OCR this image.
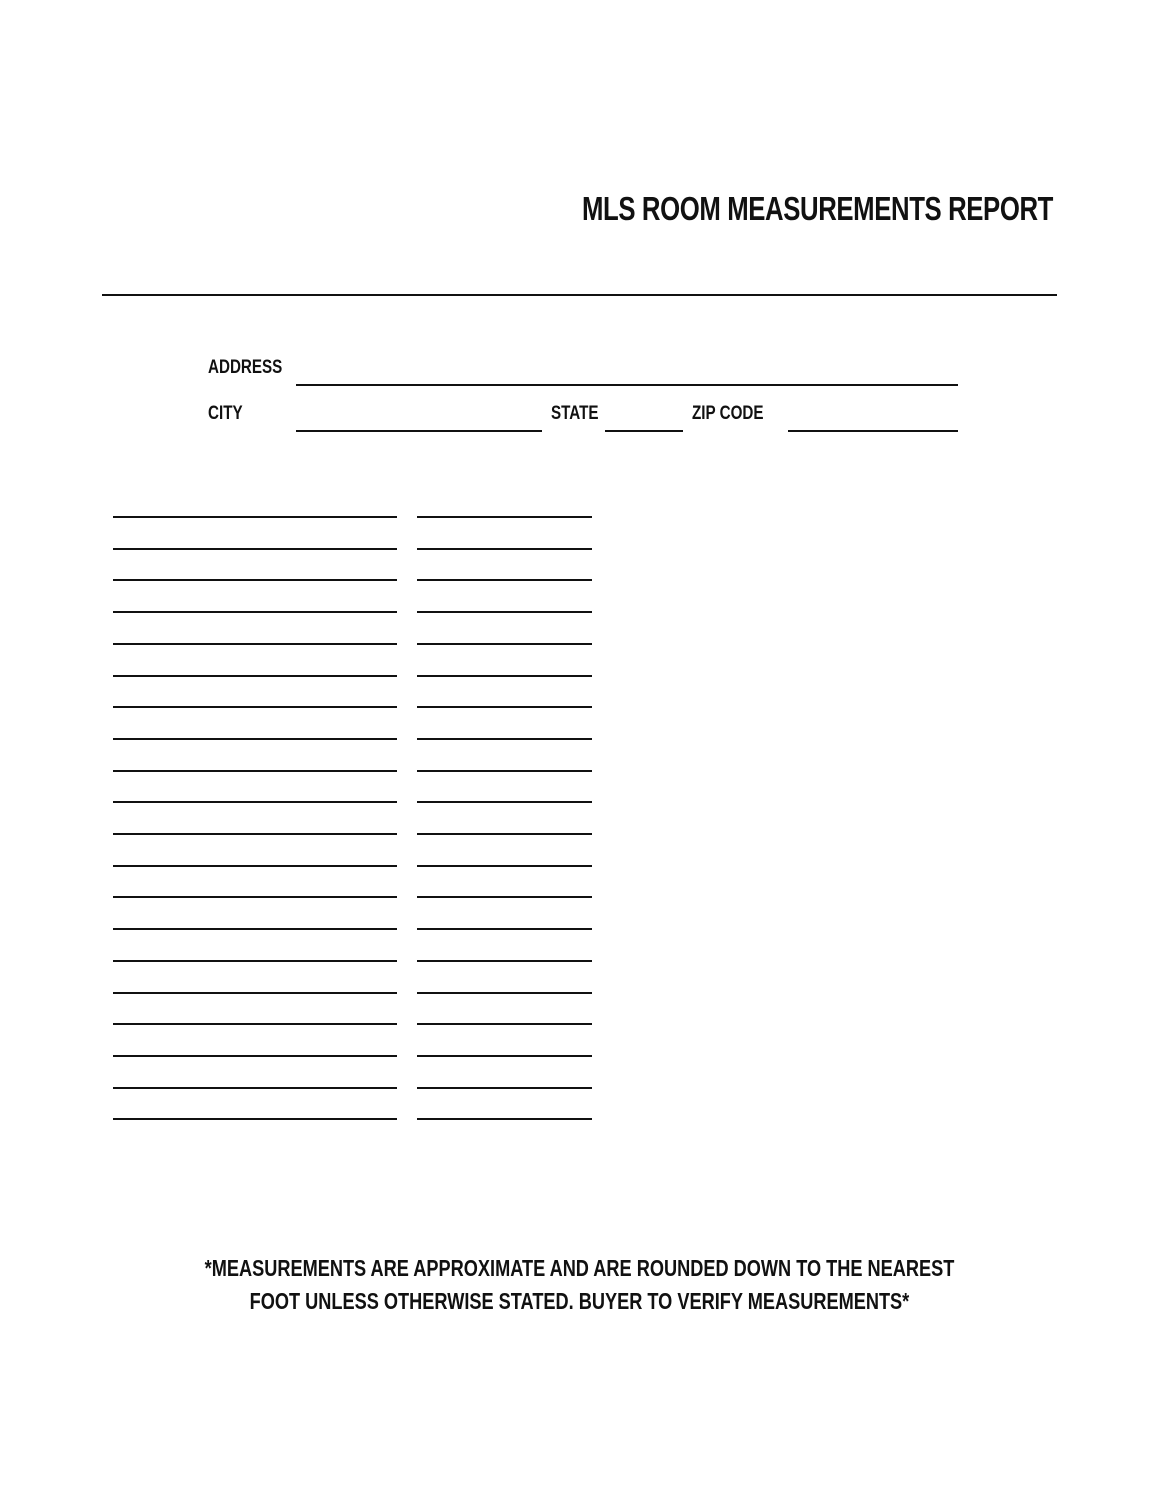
MLS ROOM MEASUREMENTS REPORT
ADDRESS
CITY	STATE	ZIP CODE
*MEASUREMENTS ARE APPROXIMATE AND ARE ROUNDED DOWN TO THE NEAREST
FOOT UNLESS OTHERWISE STATED. BUYER TO VERIFY MEASUREMENTS*
